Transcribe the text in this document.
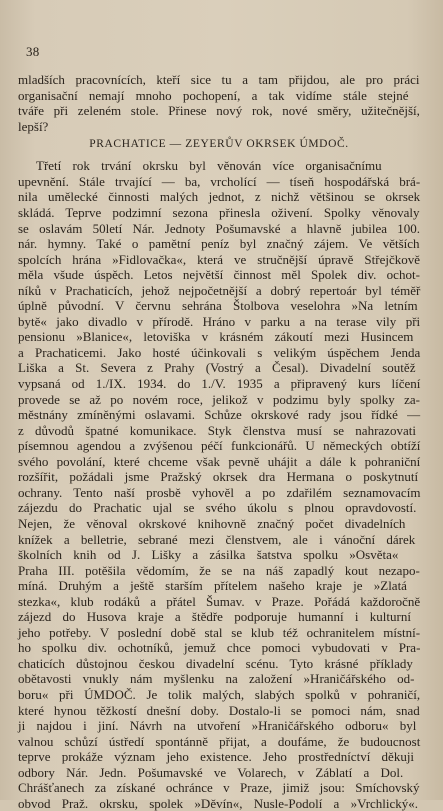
38

mladších pracovnících, kteří sice tu a tam přijdou, ale pro práci

organisační nemají mnoho pochopení, a tak vidíme stále stejné

tváře při zeleném stole. Přinese nový rok, nové směry, užitečnější,

lepší?

PRACHATICE — ZEYERŮV OKRSEK ÚMDOČ.

Třetí rok trvání okrsku byl věnován více organisačnímu

upevnění. Stále trvající — ba, vrcholící — tíseň hospodářská brá-

nila umělecké činnosti malých jednot, z nichž většinou se okrsek

skládá. Teprve podzimní sezona přinesla oživení. Spolky věnovaly

se oslavám 50letí Nár. Jednoty Pošumavské a hlavně jubilea 100.

nár. hymny. Také o pamětní peníz byl značný zájem. Ve větších

spolcích hrána »Fidlovačka«, která ve stručnější úpravě Střejčkově

měla všude úspěch. Letos největší činnost měl Spolek div. ochot-

níků v Prachaticích, jehož nejpočetnější a dobrý repertoár byl téměř

úplně původní. V červnu sehrána Štolbova veselohra »Na letním

bytě« jako divadlo v přírodě. Hráno v parku a na terase vily při

pensionu »Blanice«, letoviška v krásném zákoutí mezi Husincem

a Prachaticemi. Jako hosté účinkovali s velikým úspěchem Jenda

Liška a St. Severa z Prahy (Vostrý a Česal). Divadelní soutěž

vypsaná od 1./IX. 1934. do 1./V. 1935 a připravený kurs líčení

provede se až po novém roce, jelikož v podzimu byly spolky za-

městnány zmíněnými oslavami. Schůze okrskové rady jsou řídké —

z důvodů špatné komunikace. Styk členstva musí se nahrazovati

písemnou agendou a zvýšenou péčí funkcionářů. U německých obtíží

svého povolání, které chceme však pevně uhájit a dále k pohraniční

rozšířit, požádali jsme Pražský okrsek dra Hermana o poskytnutí

ochrany. Tento naší prosbě vyhověl a po zdařilém seznamovacím

zájezdu do Prachatic ujal se svého úkolu s plnou opravdovostí.

Nejen, že věnoval okrskové knihovně značný počet divadelních

knížek a belletrie, sebrané mezi členstvem, ale i vánoční dárek

školních knih od J. Lišky a zásilka šatstva spolku »Osvěta«

Praha III. potěšila vědomím, že se na náš zapadlý kout nezapo-

míná. Druhým a ještě starším přítelem našeho kraje je »Zlatá

stezka«, klub rodáků a přátel Šumav. v Praze. Pořádá každoročně

zájezd do Husova kraje a štědře podporuje humanní i kulturní

jeho potřeby. V poslední době stal se klub též ochranitelem místní-

ho spolku div. ochotníků, jemuž chce pomoci vybudovati v Pra-

chaticích důstojnou českou divadelní scénu. Tyto krásné příklady

obětavosti vnukly nám myšlenku na založení »Hraničářského od-

boru« při ÚMDOČ. Je tolik malých, slabých spolků v pohraničí,

které hynou těžkostí dnešní doby. Dostalo-li se pomoci nám, snad

ji najdou i jiní. Návrh na utvoření »Hraničářského odboru« byl

valnou schůzí ústředí spontánně přijat, a doufáme, že budoucnost

teprve prokáže význam jeho existence. Jeho prostředníctví děkuji

odbory Nár. Jedn. Pošumavské ve Volarech, v Záblatí a Dol.

Chrášťanech za získané ochránce v Praze, jimiž jsou: Smíchovský

obvod Praž. okrsku, spolek »Děvín«, Nusle-Podolí a »Vrchlický«.
